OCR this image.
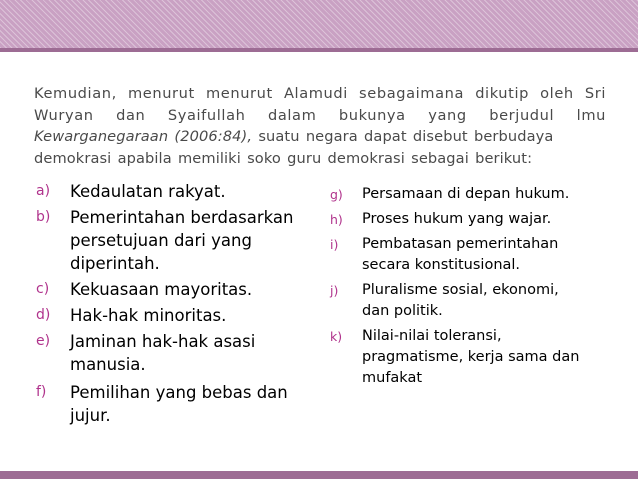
Kemudian, menurut menurut Alamudi sebagaimana dikutip oleh Sri
Wuryan dan Syaifullah dalam bukunya yang berjudul lmu
Kewarganegaraan (2006:84), suatu negara dapat disebut berbudaya
demokrasi apabila memiliki soko guru demokrasi sebagai berikut:
a) Kedaulatan rakyat.
b) Pemerintahan berdasarkan
persetujuan dari yang
diperintah.
c) Kekuasaan mayoritas.
d) Hak-hak minoritas.
e) Jaminan hak-hak asasi
manusia.
f) Pemilihan yang bebas dan
jujur.
g) Persamaan di depan hukum.
h) Proses hukum yang wajar.
i) Pembatasan pemerintahan
secara konstitusional.
j) Pluralisme sosial, ekonomi,
dan politik.
k) Nilai-nilai toleransi,
pragmatisme, kerja sama dan
mufakat
